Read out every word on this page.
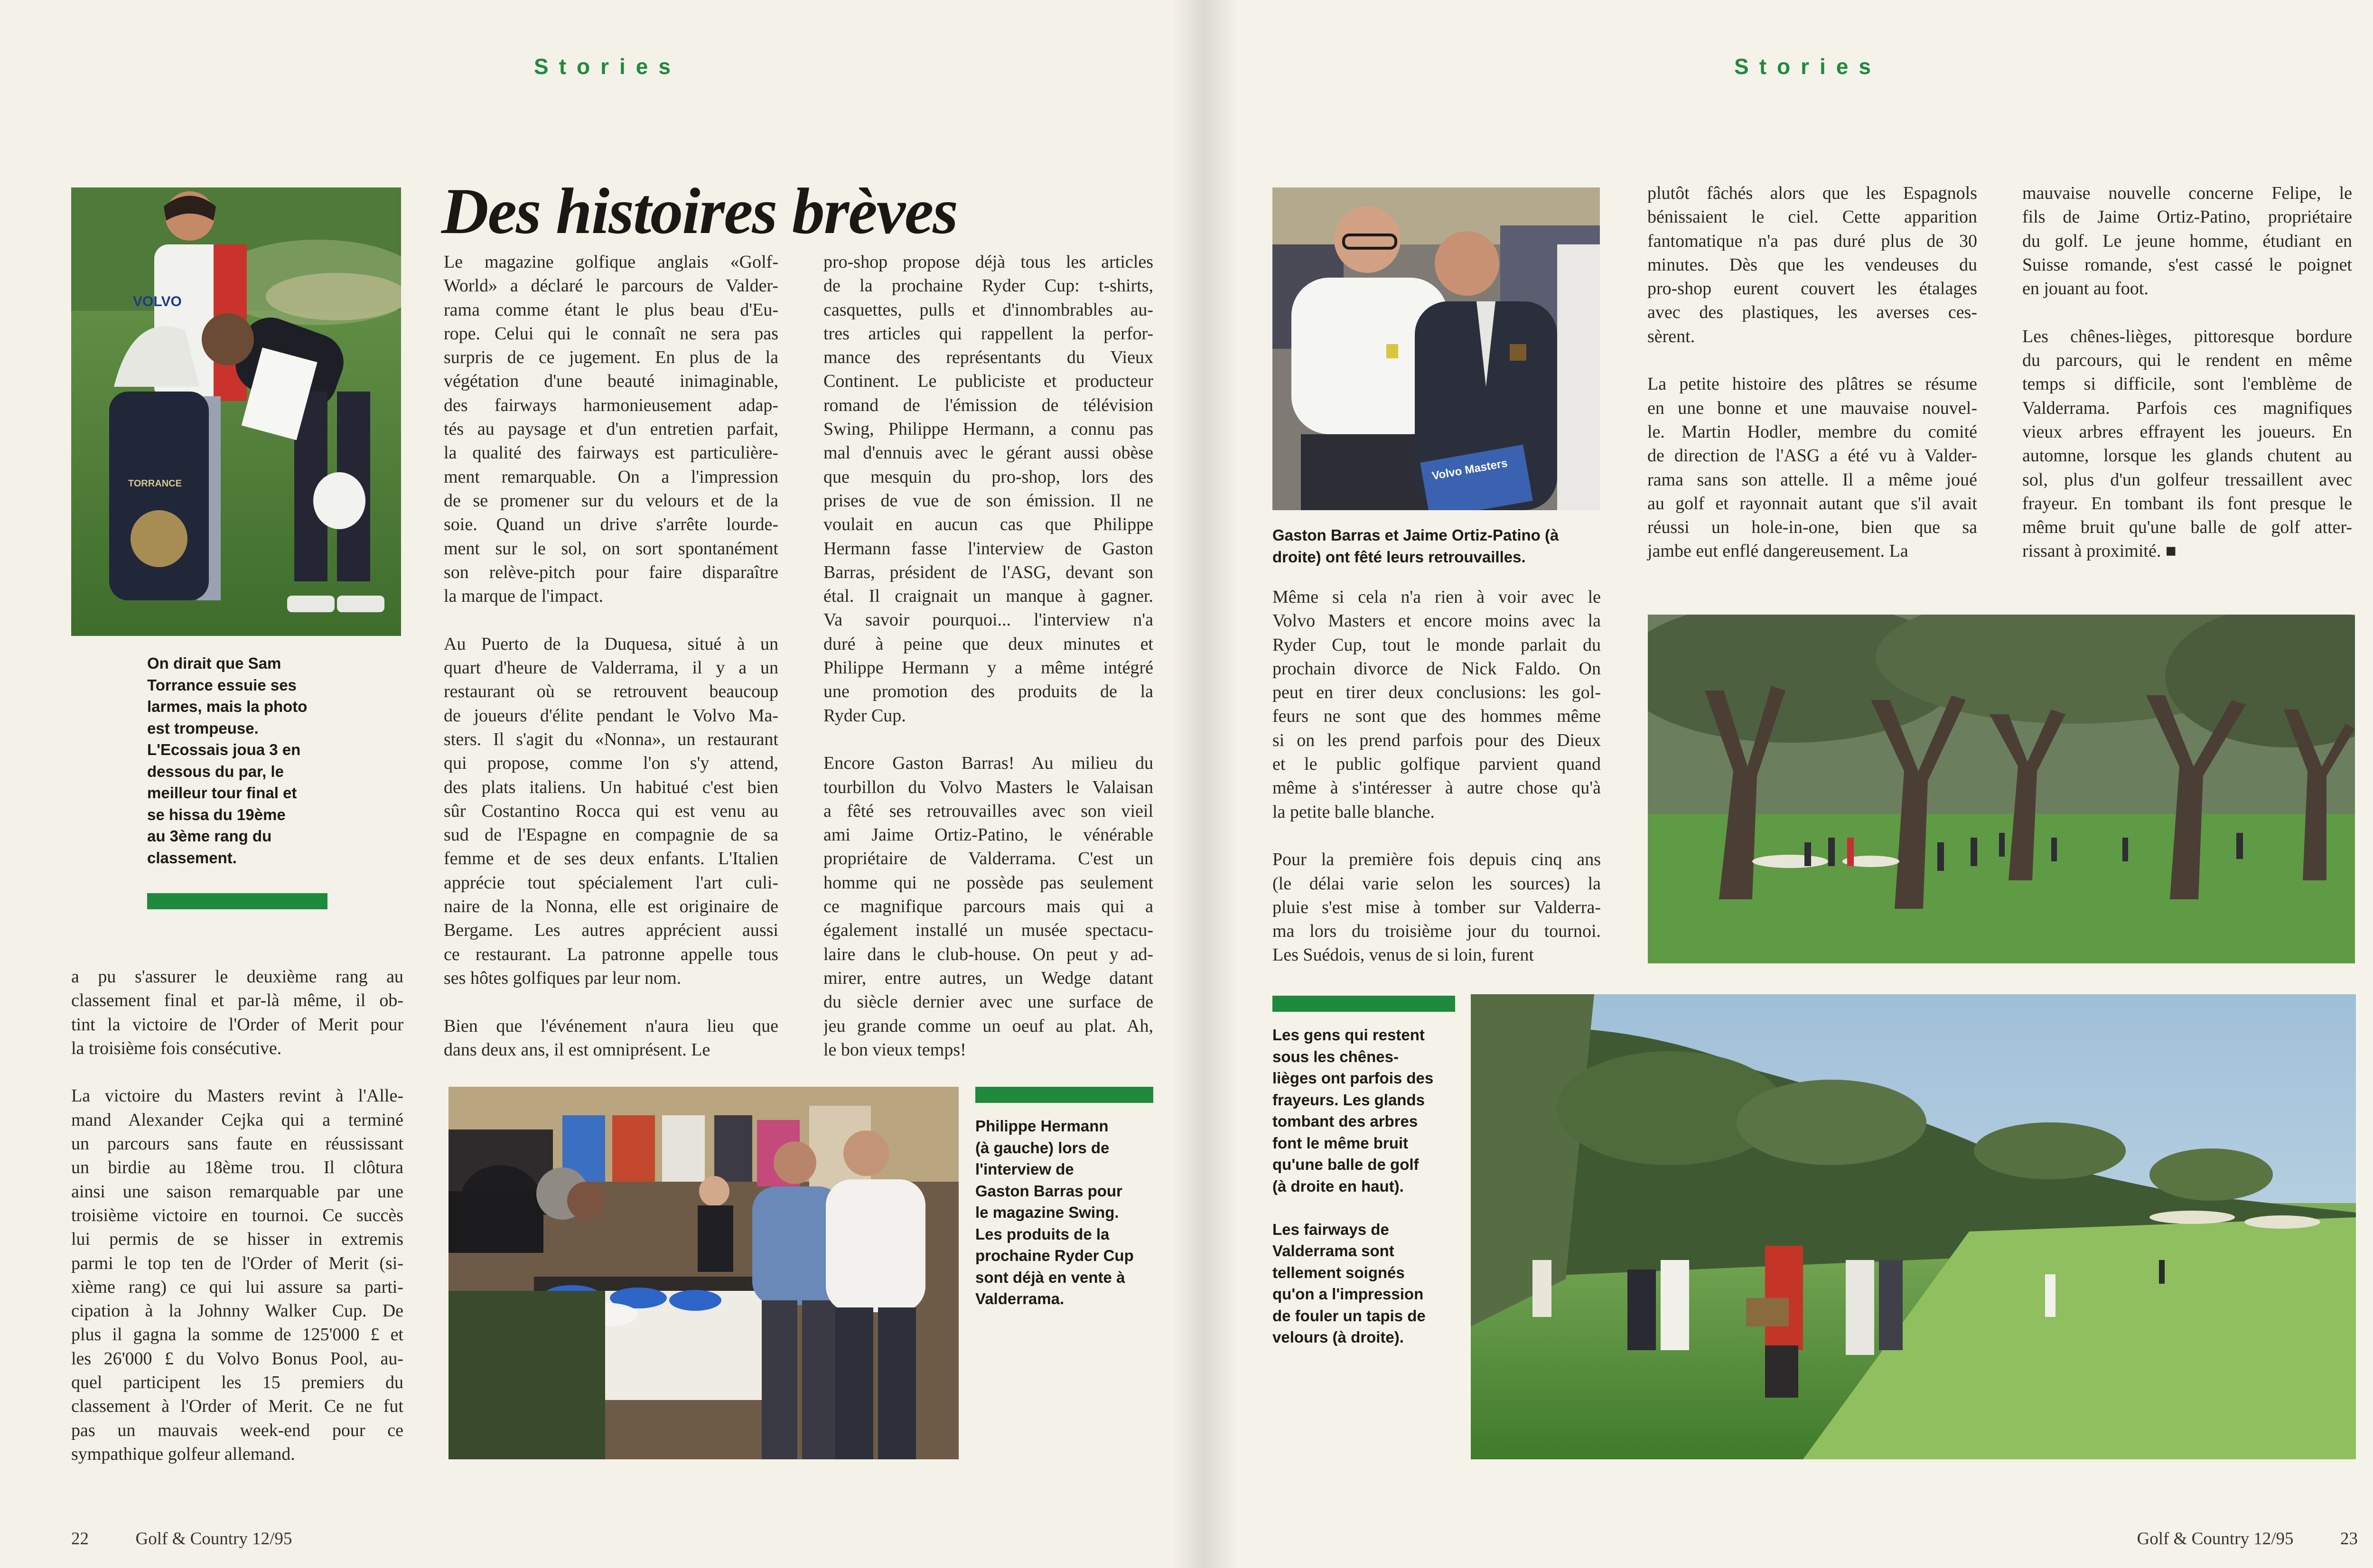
Stories
VOLVO
TORRANCE
On dirait que Sam
Torrance essuie ses
larmes, mais la photo
est trompeuse.
L'Ecossais joua 3 en
dessous du par, le
meilleur tour final et
se hissa du 19ème
au 3ème rang du
classement.
Des histoires brèves
Le magazine golfique anglais «Golf-
World» a déclaré le parcours de Valder-
rama comme étant le plus beau d'Eu-
rope. Celui qui le connaît ne sera pas
surpris de ce jugement. En plus de la
végétation d'une beauté inimaginable,
des fairways harmonieusement adap-
tés au paysage et d'un entretien parfait,
la qualité des fairways est particulière-
ment remarquable. On a l'impression
de se promener sur du velours et de la
soie. Quand un drive s'arrête lourde-
ment sur le sol, on sort spontanément
son relève-pitch pour faire disparaître
la marque de l'impact.
Au Puerto de la Duquesa, situé à un
quart d'heure de Valderrama, il y a un
restaurant où se retrouvent beaucoup
de joueurs d'élite pendant le Volvo Ma-
sters. Il s'agit du «Nonna», un restaurant
qui propose, comme l'on s'y attend,
des plats italiens. Un habitué c'est bien
sûr Costantino Rocca qui est venu au
sud de l'Espagne en compagnie de sa
femme et de ses deux enfants. L'Italien
apprécie tout spécialement l'art culi-
naire de la Nonna, elle est originaire de
Bergame. Les autres apprécient aussi
ce restaurant. La patronne appelle tous
ses hôtes golfiques par leur nom.
Bien que l'événement n'aura lieu que
dans deux ans, il est omniprésent. Le
pro-shop propose déjà tous les articles
de la prochaine Ryder Cup: t-shirts,
casquettes, pulls et d'innombrables au-
tres articles qui rappellent la perfor-
mance des représentants du Vieux
Continent. Le publiciste et producteur
romand de l'émission de télévision
Swing, Philippe Hermann, a connu pas
mal d'ennuis avec le gérant aussi obèse
que mesquin du pro-shop, lors des
prises de vue de son émission. Il ne
voulait en aucun cas que Philippe
Hermann fasse l'interview de Gaston
Barras, président de l'ASG, devant son
étal. Il craignait un manque à gagner.
Va savoir pourquoi... l'interview n'a
duré à peine que deux minutes et
Philippe Hermann y a même intégré
une promotion des produits de la
Ryder Cup.
Encore Gaston Barras! Au milieu du
tourbillon du Volvo Masters le Valaisan
a fêté ses retrouvailles avec son vieil
ami Jaime Ortiz-Patino, le vénérable
propriétaire de Valderrama. C'est un
homme qui ne possède pas seulement
ce magnifique parcours mais qui a
également installé un musée spectacu-
laire dans le club-house. On peut y ad-
mirer, entre autres, un Wedge datant
du siècle dernier avec une surface de
jeu grande comme un oeuf au plat. Ah,
le bon vieux temps!
a pu s'assurer le deuxième rang au
classement final et par-là même, il ob-
tint la victoire de l'Order of Merit pour
la troisième fois consécutive.
La victoire du Masters revint à l'Alle-
mand Alexander Cejka qui a terminé
un parcours sans faute en réussissant
un birdie au 18ème trou. Il clôtura
ainsi une saison remarquable par une
troisième victoire en tournoi. Ce succès
lui permis de se hisser in extremis
parmi le top ten de l'Order of Merit (si-
xième rang) ce qui lui assure sa parti-
cipation à la Johnny Walker Cup. De
plus il gagna la somme de 125'000 £ et
les 26'000 £ du Volvo Bonus Pool, au-
quel participent les 15 premiers du
classement à l'Order of Merit. Ce ne fut
pas un mauvais week-end pour ce
sympathique golfeur allemand.
Philippe Hermann
(à gauche) lors de
l'interview de
Gaston Barras pour
le magazine Swing.
Les produits de la
prochaine Ryder Cup
sont déjà en vente à
Valderrama.
22	Golf & Country 12/95
Stories
Volvo Masters
Gaston Barras et Jaime Ortiz-Patino (à
droite) ont fêté leurs retrouvailles.
Même si cela n'a rien à voir avec le
Volvo Masters et encore moins avec la
Ryder Cup, tout le monde parlait du
prochain divorce de Nick Faldo. On
peut en tirer deux conclusions: les gol-
feurs ne sont que des hommes même
si on les prend parfois pour des Dieux
et le public golfique parvient quand
même à s'intéresser à autre chose qu'à
la petite balle blanche.
Pour la première fois depuis cinq ans
(le délai varie selon les sources) la
pluie s'est mise à tomber sur Valderra-
ma lors du troisième jour du tournoi.
Les Suédois, venus de si loin, furent
plutôt fâchés alors que les Espagnols
bénissaient le ciel. Cette apparition
fantomatique n'a pas duré plus de 30
minutes. Dès que les vendeuses du
pro-shop eurent couvert les étalages
avec des plastiques, les averses ces-
sèrent.
La petite histoire des plâtres se résume
en une bonne et une mauvaise nouvel-
le. Martin Hodler, membre du comité
de direction de l'ASG a été vu à Valder-
rama sans son attelle. Il a même joué
au golf et rayonnait autant que s'il avait
réussi un hole-in-one, bien que sa
jambe eut enflé dangereusement. La
mauvaise nouvelle concerne Felipe, le
fils de Jaime Ortiz-Patino, propriétaire
du golf. Le jeune homme, étudiant en
Suisse romande, s'est cassé le poignet
en jouant au foot.
Les chênes-lièges, pittoresque bordure
du parcours, qui le rendent en même
temps si difficile, sont l'emblème de
Valderrama. Parfois ces magnifiques
vieux arbres effrayent les joueurs. En
automne, lorsque les glands chutent au
sol, plus d'un golfeur tressaillent avec
frayeur. En tombant ils font presque le
même bruit qu'une balle de golf atter-
rissant à proximité. ■
Les gens qui restent
sous les chênes-
lièges ont parfois des
frayeurs. Les glands
tombant des arbres
font le même bruit
qu'une balle de golf
(à droite en haut).

Les fairways de
Valderrama sont
tellement soignés
qu'on a l'impression
de fouler un tapis de
velours (à droite).
Golf & Country 12/95	23
